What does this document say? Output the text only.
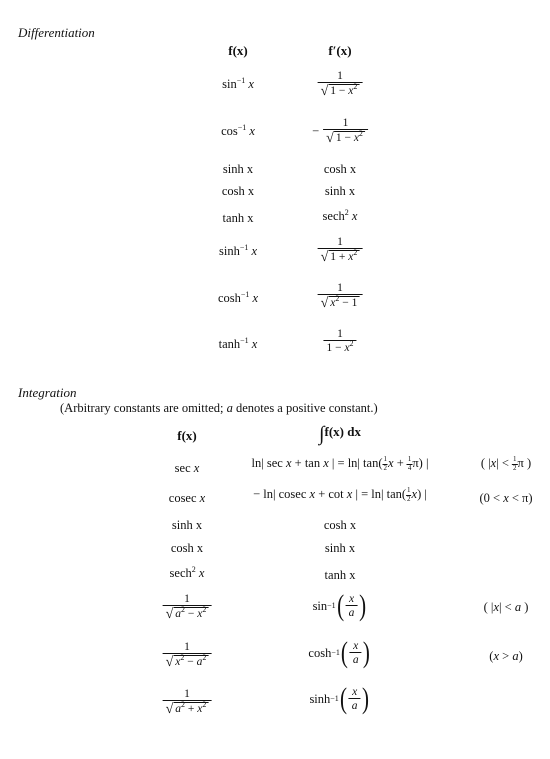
Differentiation
f(x)	f′(x)
$\sin^{-1} x$	$\frac{1}{√ 1 - x^2}$
$\cos^{-1} x$	− $\frac{1}{√ 1 - x^2}$
sinh x	cosh x
cosh x	sinh x
tanh x	sech$^2$ x
$\sinh^{-1} x$	$\frac{1}{√ 1 + x^2}$
$\cosh^{-1} x$	$\frac{1}{√ x^2 - 1}$
$\tanh^{-1} x$	$\frac{1}{1 - x^2}$
Integration
(Arbitrary constants are omitted; a denotes a positive constant.)
f(x)	∫f(x) dx
sec x	ln| sec x + tan x | = ln| $\tan( \frac{1}{2}$ $x + \frac{1}{4} \pi$) |	( $|x| < \frac{1}{2}$ π )
cosec x	− ln| cosec x + cot x | = ln| $\tan( \frac{1}{2} x)$ |	(0 < x < π)
sinh x	cosh x
cosh x	sinh x
sech$^2$ x	tanh x
$\frac{1}{√ a^2 - x^2}$	sin −1 ( $\frac{x}{a}$ )	( |x| < a )
$\frac{1}{√ x^2 - a^2}$	cosh −1 ( $\frac{x}{a}$ )	(x > a)
$\frac{1}{√ a^2 + x^2}$	sinh −1 ( $\frac{x}{a}$ )
